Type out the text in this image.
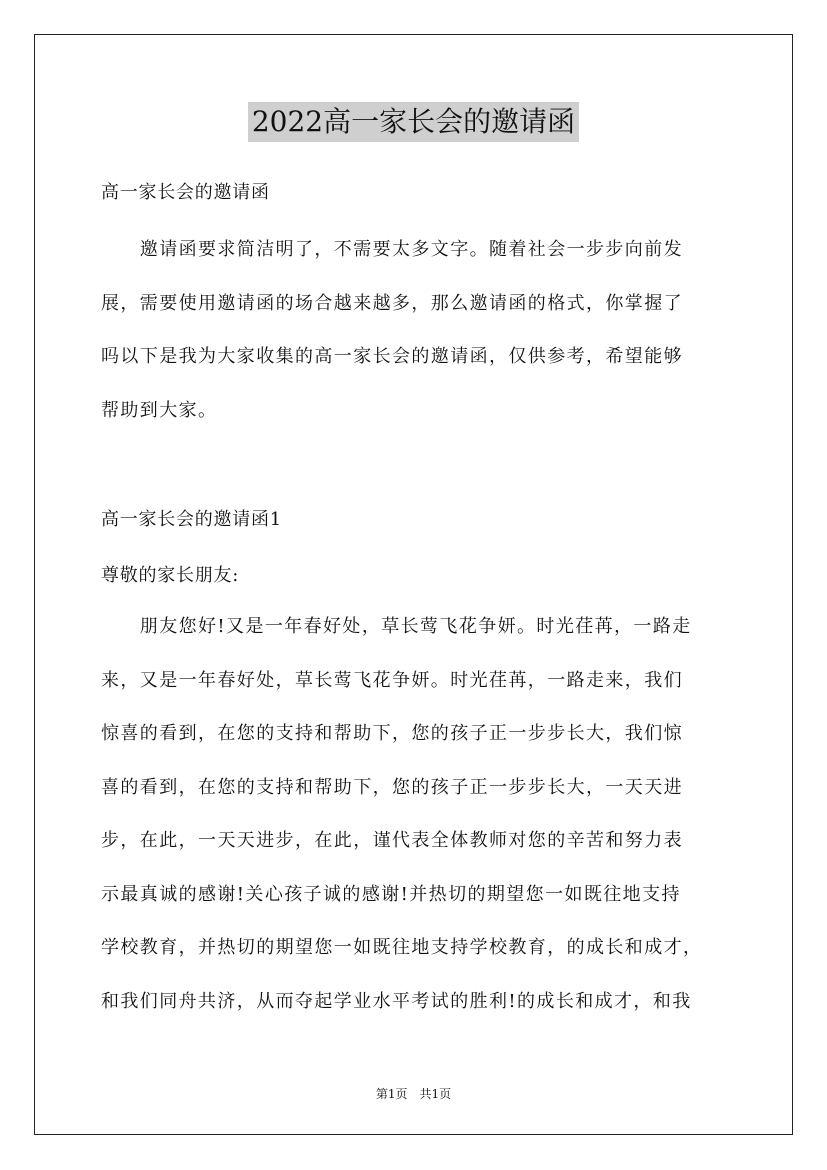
2022高一家长会的邀请函
高一家长会的邀请函
　　邀请函要求简洁明了，不需要太多文字。随着社会一步步向前发
展，需要使用邀请函的场合越来越多，那么邀请函的格式，你掌握了
吗以下是我为大家收集的高一家长会的邀请函，仅供参考，希望能够
帮助到大家。
高一家长会的邀请函1
尊敬的家长朋友:
　　朋友您好!又是一年春好处，草长莺飞花争妍。时光荏苒，一路走
来，又是一年春好处，草长莺飞花争妍。时光荏苒，一路走来，我们
惊喜的看到，在您的支持和帮助下，您的孩子正一步步长大，我们惊
喜的看到，在您的支持和帮助下，您的孩子正一步步长大，一天天进
步，在此，一天天进步，在此，谨代表全体教师对您的辛苦和努力表
示最真诚的感谢!关心孩子诚的感谢!并热切的期望您一如既往地支持
学校教育，并热切的期望您一如既往地支持学校教育，的成长和成才，
和我们同舟共济，从而夺起学业水平考试的胜利!的成长和成才，和我
第1页　共1页
